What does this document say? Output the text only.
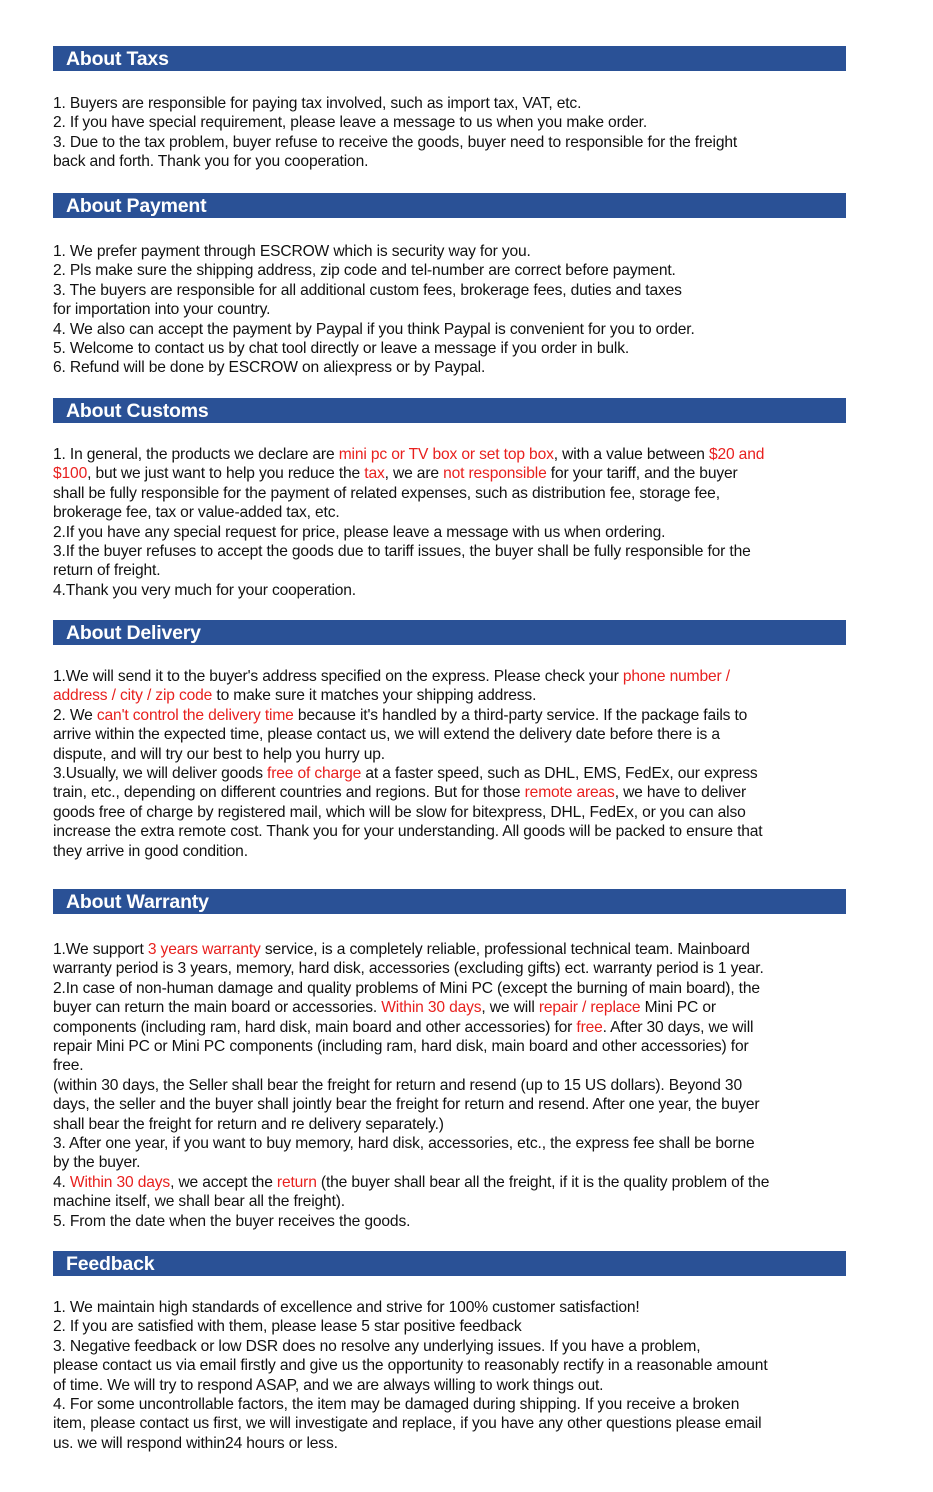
About Taxs
1. Buyers are responsible for paying tax involved, such as import tax, VAT, etc.
2. If you have special requirement, please leave a message to us when you make order.
3. Due to the tax problem, buyer refuse to receive the goods, buyer need to responsible for the freight
back and forth. Thank you for you cooperation.
About Payment
1. We prefer payment through ESCROW which is security way for you.
2. Pls make sure the shipping address, zip code and tel-number are correct before payment.
3. The buyers are responsible for all additional custom fees, brokerage fees, duties and taxes
for importation into your country.
4. We also can accept the payment by Paypal if you think Paypal is convenient for you to order.
5. Welcome to contact us by chat tool directly or leave a message if you order in bulk.
6. Refund will be done by ESCROW on aliexpress or by Paypal.
About Customs
1. In general, the products we declare are mini pc or TV box or set top box, with a value between $20 and
$100, but we just want to help you reduce the tax, we are not responsible for your tariff, and the buyer
shall be fully responsible for the payment of related expenses, such as distribution fee, storage fee,
brokerage fee, tax or value-added tax, etc.
2.If you have any special request for price, please leave a message with us when ordering.
3.If the buyer refuses to accept the goods due to tariff issues, the buyer shall be fully responsible for the
return of freight.
4.Thank you very much for your cooperation.
About Delivery
1.We will send it to the buyer's address specified on the express. Please check your phone number /
address / city / zip code to make sure it matches your shipping address.
2. We can't control the delivery time because it's handled by a third-party service. If the package fails to
arrive within the expected time, please contact us, we will extend the delivery date before there is a
dispute, and will try our best to help you hurry up.
3.Usually, we will deliver goods free of charge at a faster speed, such as DHL, EMS, FedEx, our express
train, etc., depending on different countries and regions. But for those remote areas, we have to deliver
goods free of charge by registered mail, which will be slow for bitexpress, DHL, FedEx, or you can also
increase the extra remote cost. Thank you for your understanding. All goods will be packed to ensure that
they arrive in good condition.
About Warranty
1.We support 3 years warranty service, is a completely reliable, professional technical team. Mainboard
warranty period is 3 years, memory, hard disk, accessories (excluding gifts) ect. warranty period is 1 year.
2.In case of non-human damage and quality problems of Mini PC (except the burning of main board), the
buyer can return the main board or accessories. Within 30 days, we will repair / replace Mini PC or
components (including ram, hard disk, main board and other accessories) for free. After 30 days, we will
repair Mini PC or Mini PC components (including ram, hard disk, main board and other accessories) for
free.
(within 30 days, the Seller shall bear the freight for return and resend (up to 15 US dollars). Beyond 30
days, the seller and the buyer shall jointly bear the freight for return and resend. After one year, the buyer
shall bear the freight for return and re delivery separately.)
3. After one year, if you want to buy memory, hard disk, accessories, etc., the express fee shall be borne
by the buyer.
4. Within 30 days, we accept the return (the buyer shall bear all the freight, if it is the quality problem of the
machine itself, we shall bear all the freight).
5. From the date when the buyer receives the goods.
Feedback
1. We maintain high standards of excellence and strive for 100% customer satisfaction!
2. If you are satisfied with them, please lease 5 star positive feedback
3. Negative feedback or low DSR does no resolve any underlying issues. If you have a problem,
please contact us via email firstly and give us the opportunity to reasonably rectify in a reasonable amount
of time. We will try to respond ASAP, and we are always willing to work things out.
4. For some uncontrollable factors, the item may be damaged during shipping. If you receive a broken
item, please contact us first, we will investigate and replace, if you have any other questions please email
us. we will respond within24 hours or less.
